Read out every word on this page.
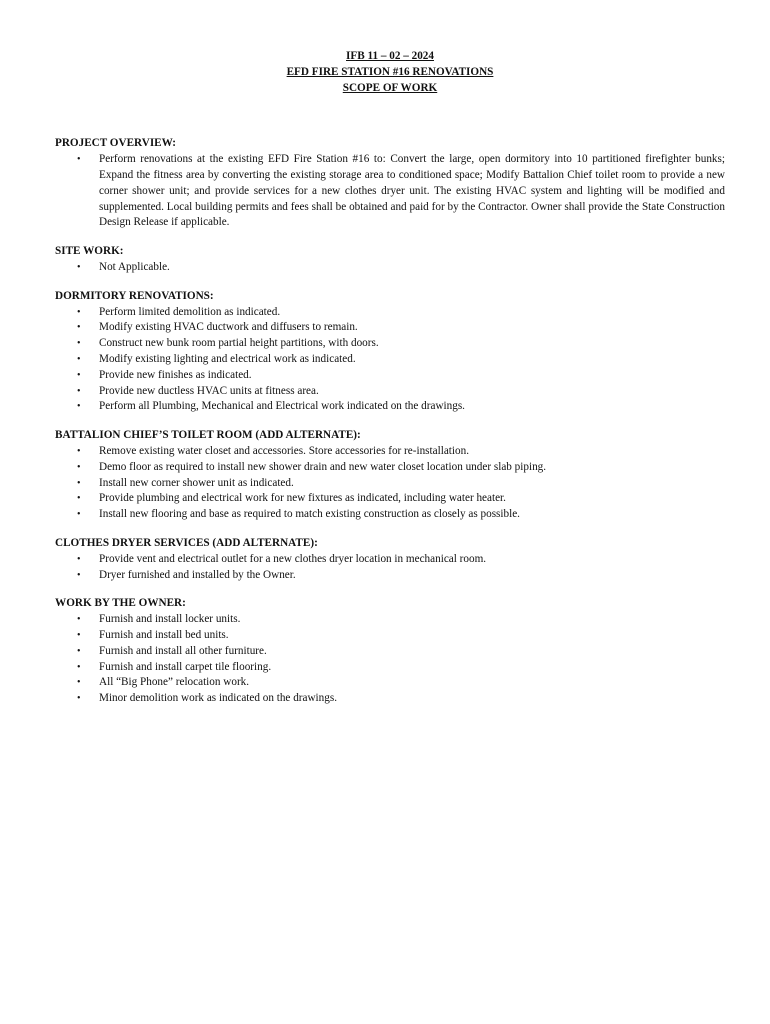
IFB 11 – 02 – 2024
EFD FIRE STATION #16 RENOVATIONS
SCOPE OF WORK
PROJECT OVERVIEW:
• Perform renovations at the existing EFD Fire Station #16 to: Convert the large, open dormitory into 10 partitioned firefighter bunks; Expand the fitness area by converting the existing storage area to conditioned space; Modify Battalion Chief toilet room to provide a new corner shower unit; and provide services for a new clothes dryer unit. The existing HVAC system and lighting will be modified and supplemented. Local building permits and fees shall be obtained and paid for by the Contractor. Owner shall provide the State Construction Design Release if applicable.
SITE WORK:
• Not Applicable.
DORMITORY RENOVATIONS:
• Perform limited demolition as indicated.
• Modify existing HVAC ductwork and diffusers to remain.
• Construct new bunk room partial height partitions, with doors.
• Modify existing lighting and electrical work as indicated.
• Provide new finishes as indicated.
• Provide new ductless HVAC units at fitness area.
• Perform all Plumbing, Mechanical and Electrical work indicated on the drawings.
BATTALION CHIEF’S TOILET ROOM (ADD ALTERNATE):
• Remove existing water closet and accessories. Store accessories for re-installation.
• Demo floor as required to install new shower drain and new water closet location under slab piping.
• Install new corner shower unit as indicated.
• Provide plumbing and electrical work for new fixtures as indicated, including water heater.
• Install new flooring and base as required to match existing construction as closely as possible.
CLOTHES DRYER SERVICES (ADD ALTERNATE):
• Provide vent and electrical outlet for a new clothes dryer location in mechanical room.
• Dryer furnished and installed by the Owner.
WORK BY THE OWNER:
• Furnish and install locker units.
• Furnish and install bed units.
• Furnish and install all other furniture.
• Furnish and install carpet tile flooring.
• All “Big Phone” relocation work.
• Minor demolition work as indicated on the drawings.
